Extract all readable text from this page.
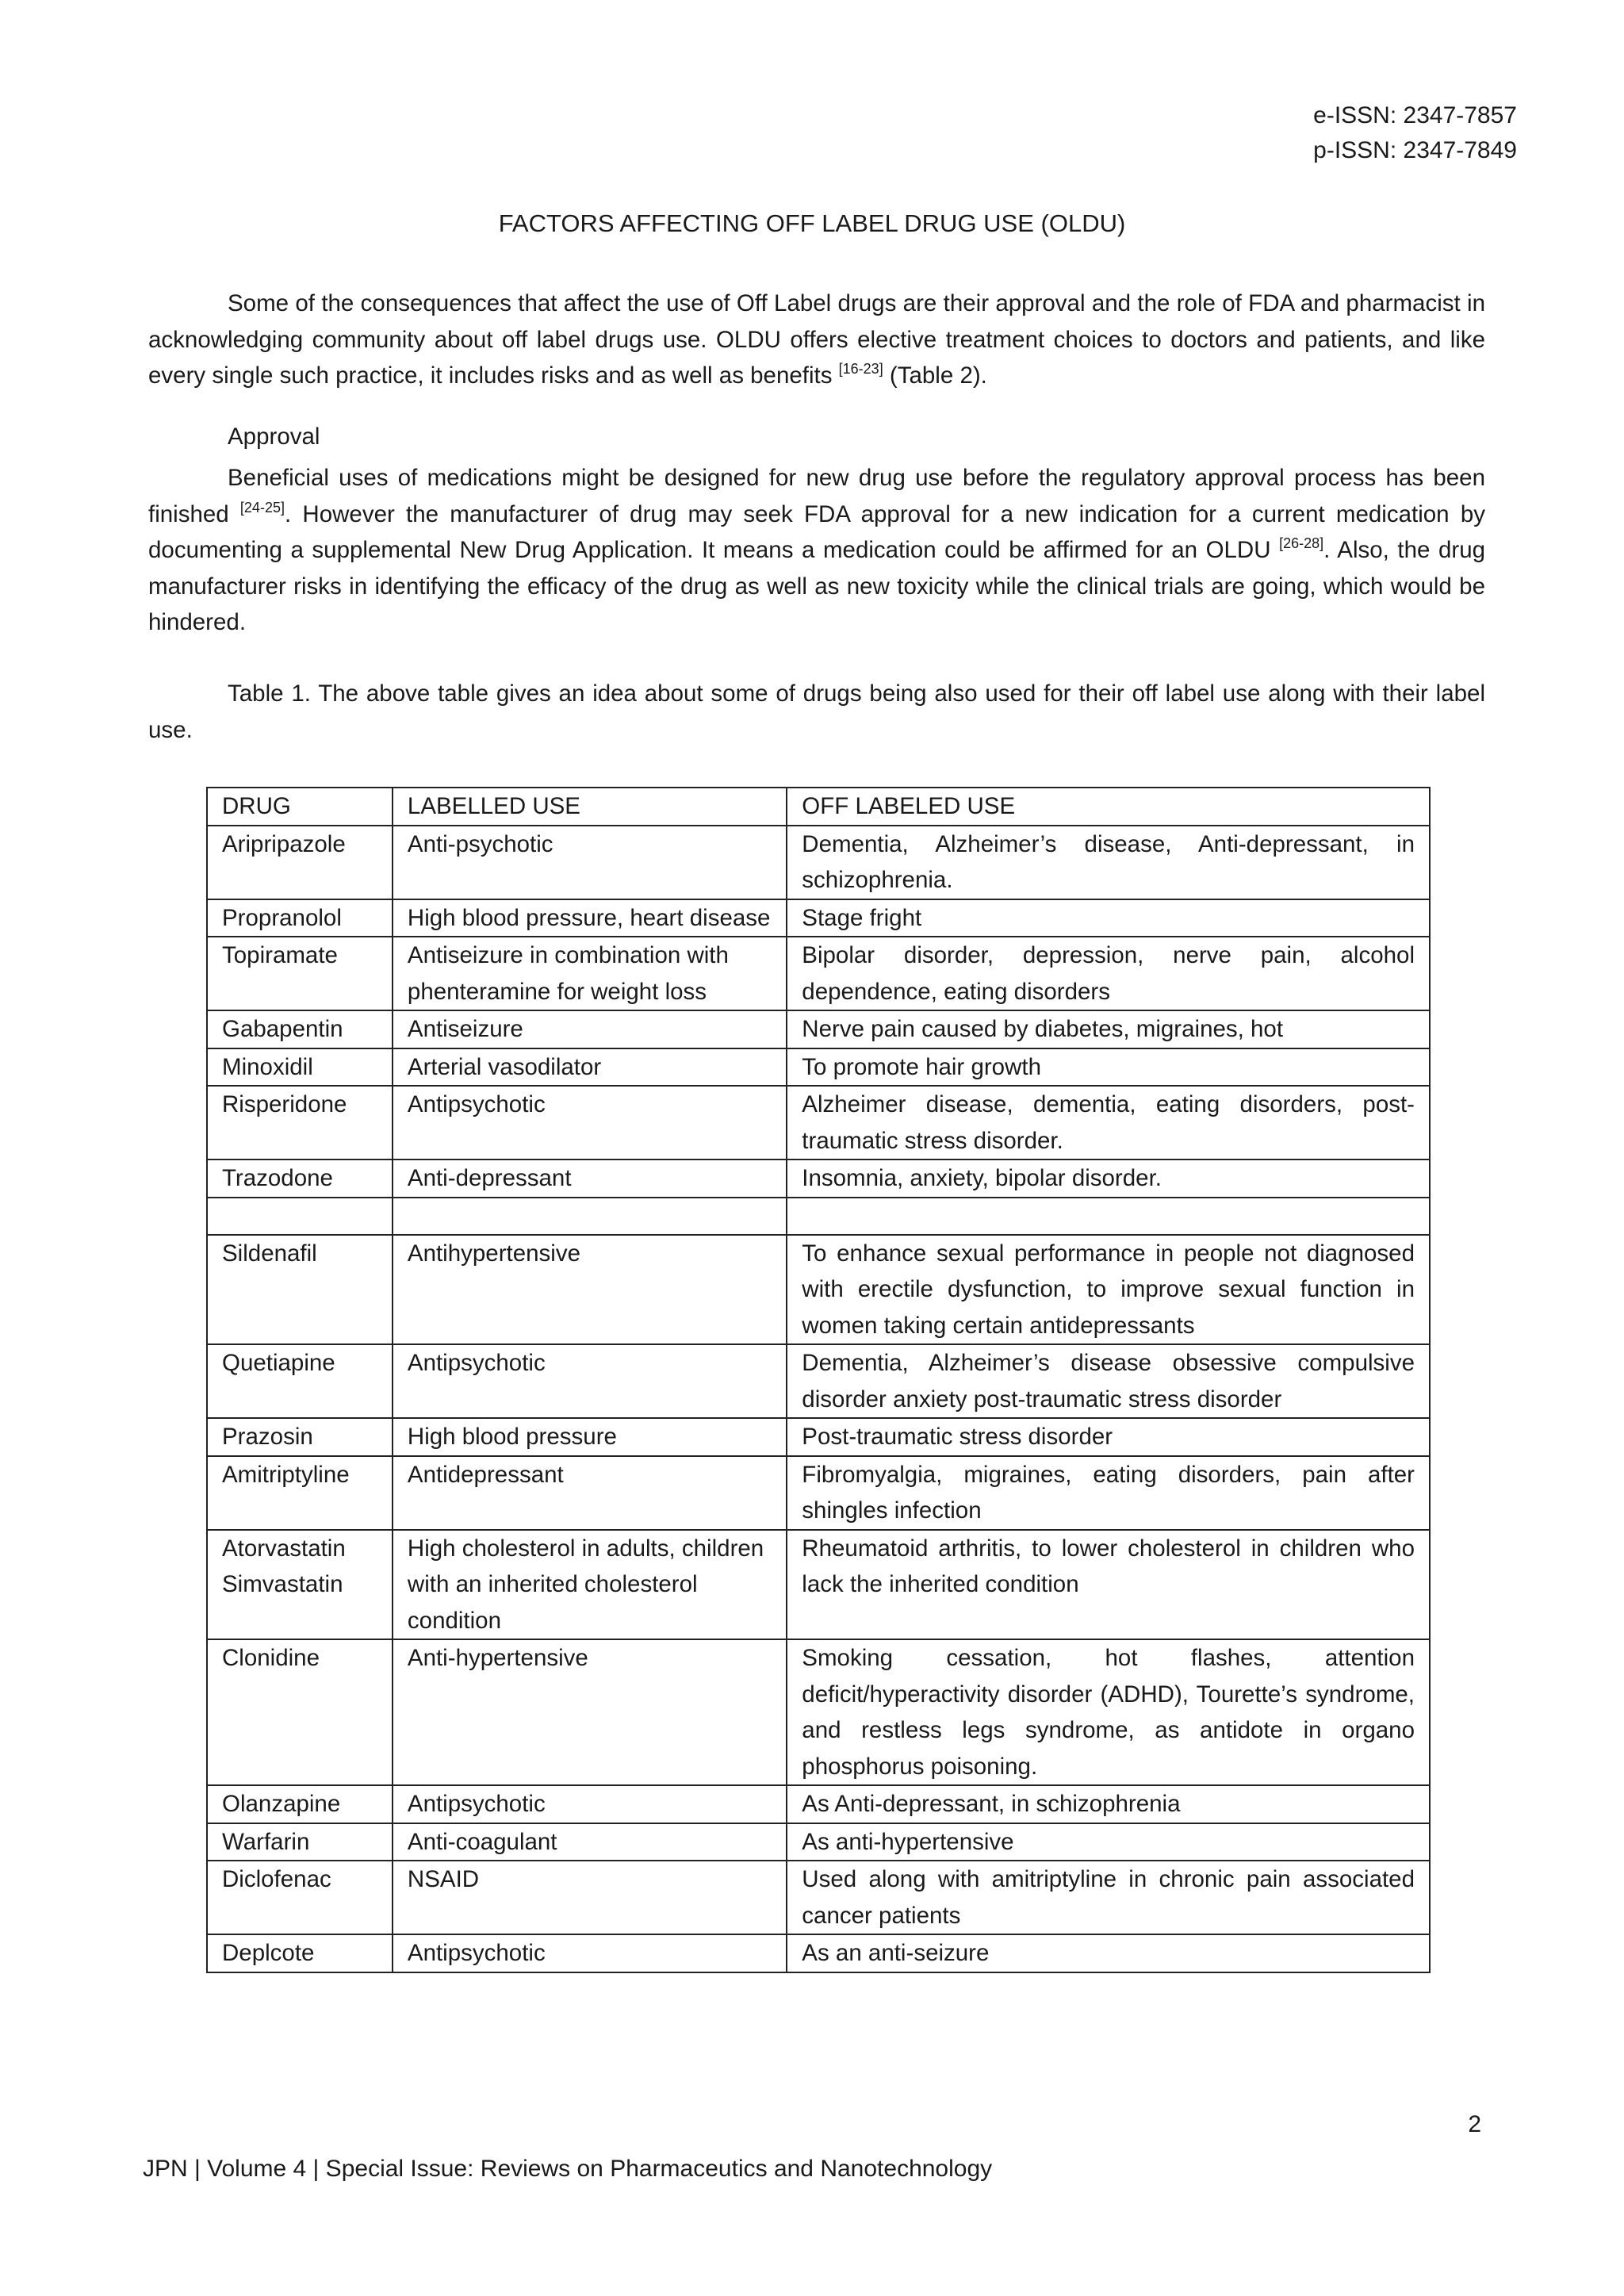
e-ISSN: 2347-7857
p-ISSN: 2347-7849
FACTORS AFFECTING OFF LABEL DRUG USE (OLDU)

Some of the consequences that affect the use of Off Label drugs are their approval and the role of FDA and pharmacist in acknowledging community about off label drugs use. OLDU offers elective treatment choices to doctors and patients, and like every single such practice, it includes risks and as well as benefits [16-23] (Table 2).

Approval

Beneficial uses of medications might be designed for new drug use before the regulatory approval process has been finished [24-25]. However the manufacturer of drug may seek FDA approval for a new indication for a current medication by documenting a supplemental New Drug Application. It means a medication could be affirmed for an OLDU [26-28]. Also, the drug manufacturer risks in identifying the efficacy of the drug as well as new toxicity while the clinical trials are going, which would be hindered.

Table 1. The above table gives an idea about some of drugs being also used for their off label use along with their label use.

DRUG	LABELLED USE	OFF LABELED USE
Aripripazole	Anti-psychotic	Dementia, Alzheimer’s disease, Anti-depressant, in schizophrenia.
Propranolol	High blood pressure, heart disease	Stage fright
Topiramate	Antiseizure in combination with phenteramine for weight loss	Bipolar disorder, depression, nerve pain, alcohol dependence, eating disorders
Gabapentin	Antiseizure	Nerve pain caused by diabetes, migraines, hot
Minoxidil	Arterial vasodilator	To promote hair growth
Risperidone	Antipsychotic	Alzheimer disease, dementia, eating disorders, post-traumatic stress disorder.
Trazodone	Anti-depressant	Insomnia, anxiety, bipolar disorder.

Sildenafil	Antihypertensive	To enhance sexual performance in people not diagnosed with erectile dysfunction, to improve sexual function in women taking certain antidepressants
Quetiapine	Antipsychotic	Dementia, Alzheimer’s disease obsessive compulsive disorder anxiety post-traumatic stress disorder
Prazosin	High blood pressure	Post-traumatic stress disorder
Amitriptyline	Antidepressant	Fibromyalgia, migraines, eating disorders, pain after shingles infection
Atorvastatin Simvastatin	High cholesterol in adults, children with an inherited cholesterol condition	Rheumatoid arthritis, to lower cholesterol in children who lack the inherited condition
Clonidine	Anti-hypertensive	Smoking cessation, hot flashes, attention deficit/hyperactivity disorder (ADHD), Tourette’s syndrome, and restless legs syndrome, as antidote in organo phosphorus poisoning.
Olanzapine	Antipsychotic	As Anti-depressant, in schizophrenia
Warfarin	Anti-coagulant	As anti-hypertensive
Diclofenac	NSAID	Used along with amitriptyline in chronic pain associated cancer patients
Deplcote	Antipsychotic	As an anti-seizure
2
JPN | Volume 4 | Special Issue: Reviews on Pharmaceutics and Nanotechnology
